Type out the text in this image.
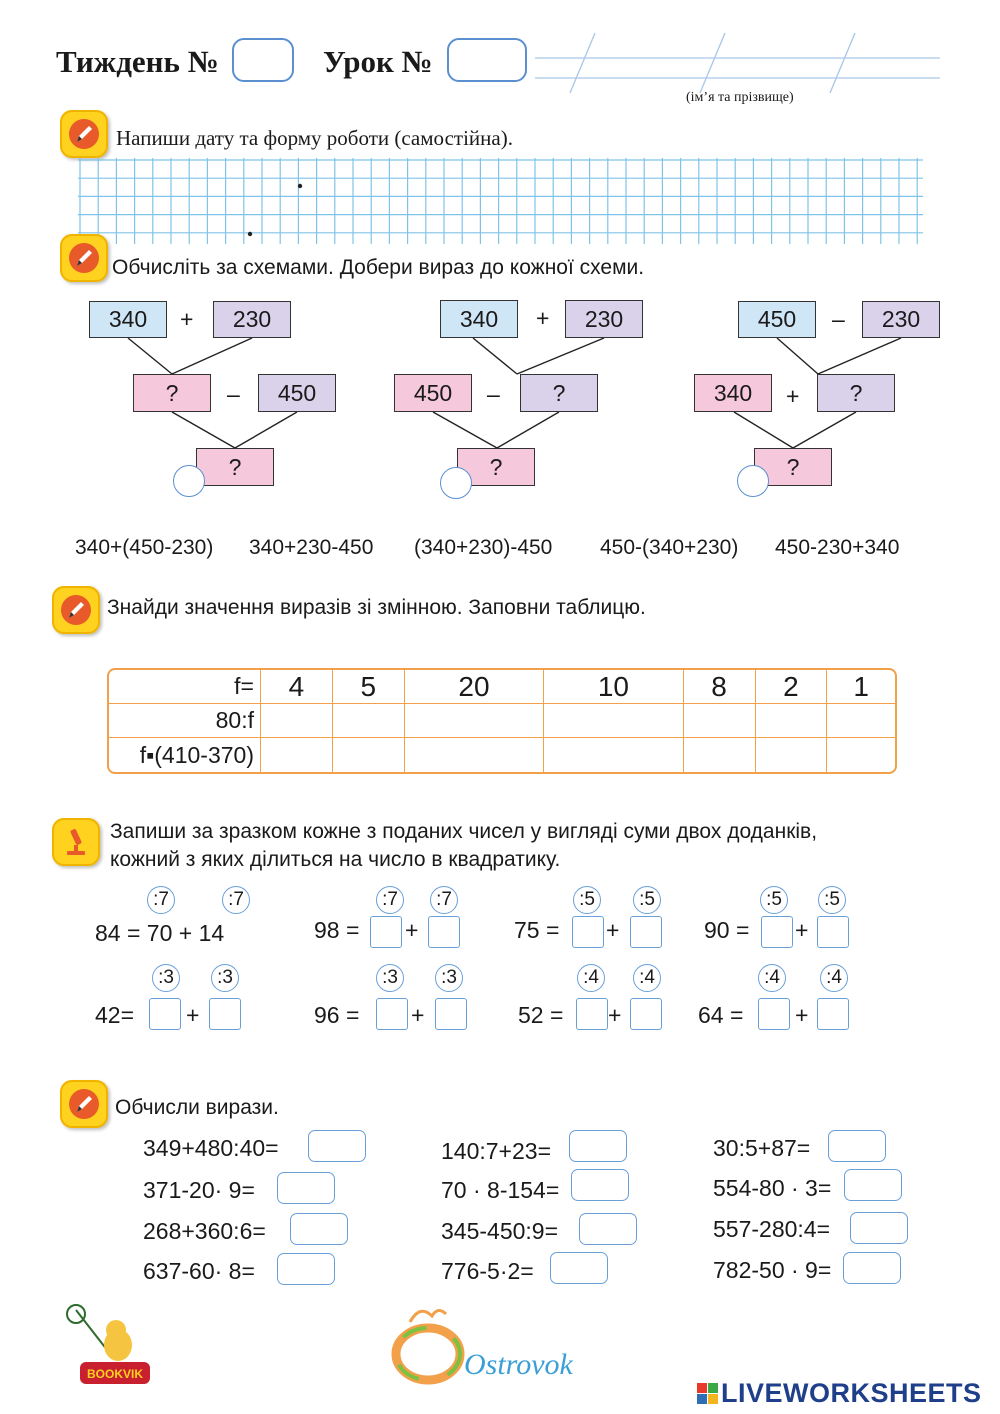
Тиждень №	Урок №
(ім’я та прізвище)
Напиши дату та форму роботи (самостійна).
Обчисліть за схемами. Добери вираз до кожної схеми.
340	+	230
?	–	450
?
340	+	230
450	–	?
?
450	–	230
340	+	?
?
340+(450-230) 340+230-450 (340+230)-450 450-(340+230) 450-230+340
Знайди значення виразів зі змінною. Заповни таблицю.
f=	4	5	20	10	8	2	1
80:f							
f▪(410-370)							
Запиши за зразком кожне з поданих чисел у вигляді суми двох доданків,
кожний з яких ділиться на число в квадратику.
:7	:7
84 = 70 + 14
:7	:7
98 = +
:5	:5
75 = +
:5	:5
90 = +
:3	:3
42= +
:3	:3
96 = +
:4	:4
52 = +
:4	:4
64 = +
Обчисли вирази.
349+480:40=
371-20· 9=
268+360:6=
637-60· 8=
140:7+23=
70 · 8-154=
345-450:9=
776-5·2=
30:5+87=
554-80 · 3=
557-280:4=
782-50 · 9=
BOOKVIK	Ostrovok
LIVEWORKSHEETS
